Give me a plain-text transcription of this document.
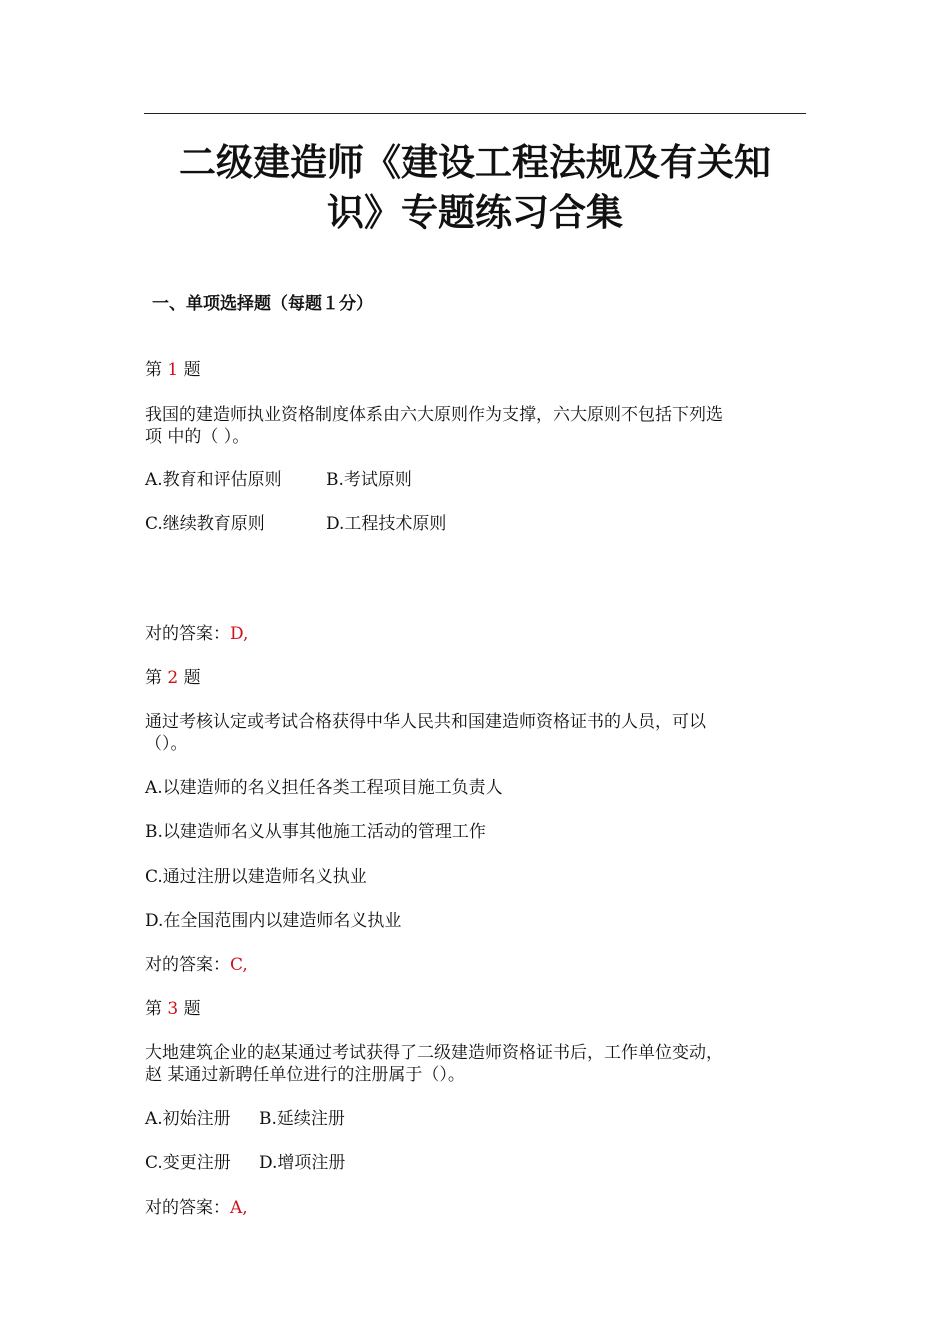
二级建造师《建设工程法规及有关知
识》专题练习合集
一、单项选择题（每题１分）
第 1 题
我国的建造师执业资格制度体系由六大原则作为支撑，六大原则不包括下列选
项 中的（ ）。
A.教育和评估原则	B.考试原则
C.继续教育原则	D.工程技术原则
对的答案：D,
第 2 题
通过考核认定或考试合格获得中华人民共和国建造师资格证书的人员，可以
（）。
A.以建造师的名义担任各类工程项目施工负责人
B.以建造师名义从事其他施工活动的管理工作
C.通过注册以建造师名义执业
D.在全国范围内以建造师名义执业
对的答案：C,
第 3 题
大地建筑企业的赵某通过考试获得了二级建造师资格证书后，工作单位变动，
赵 某通过新聘任单位进行的注册属于（）。
A.初始注册 B.延续注册
C.变更注册 D.增项注册
对的答案：A,
